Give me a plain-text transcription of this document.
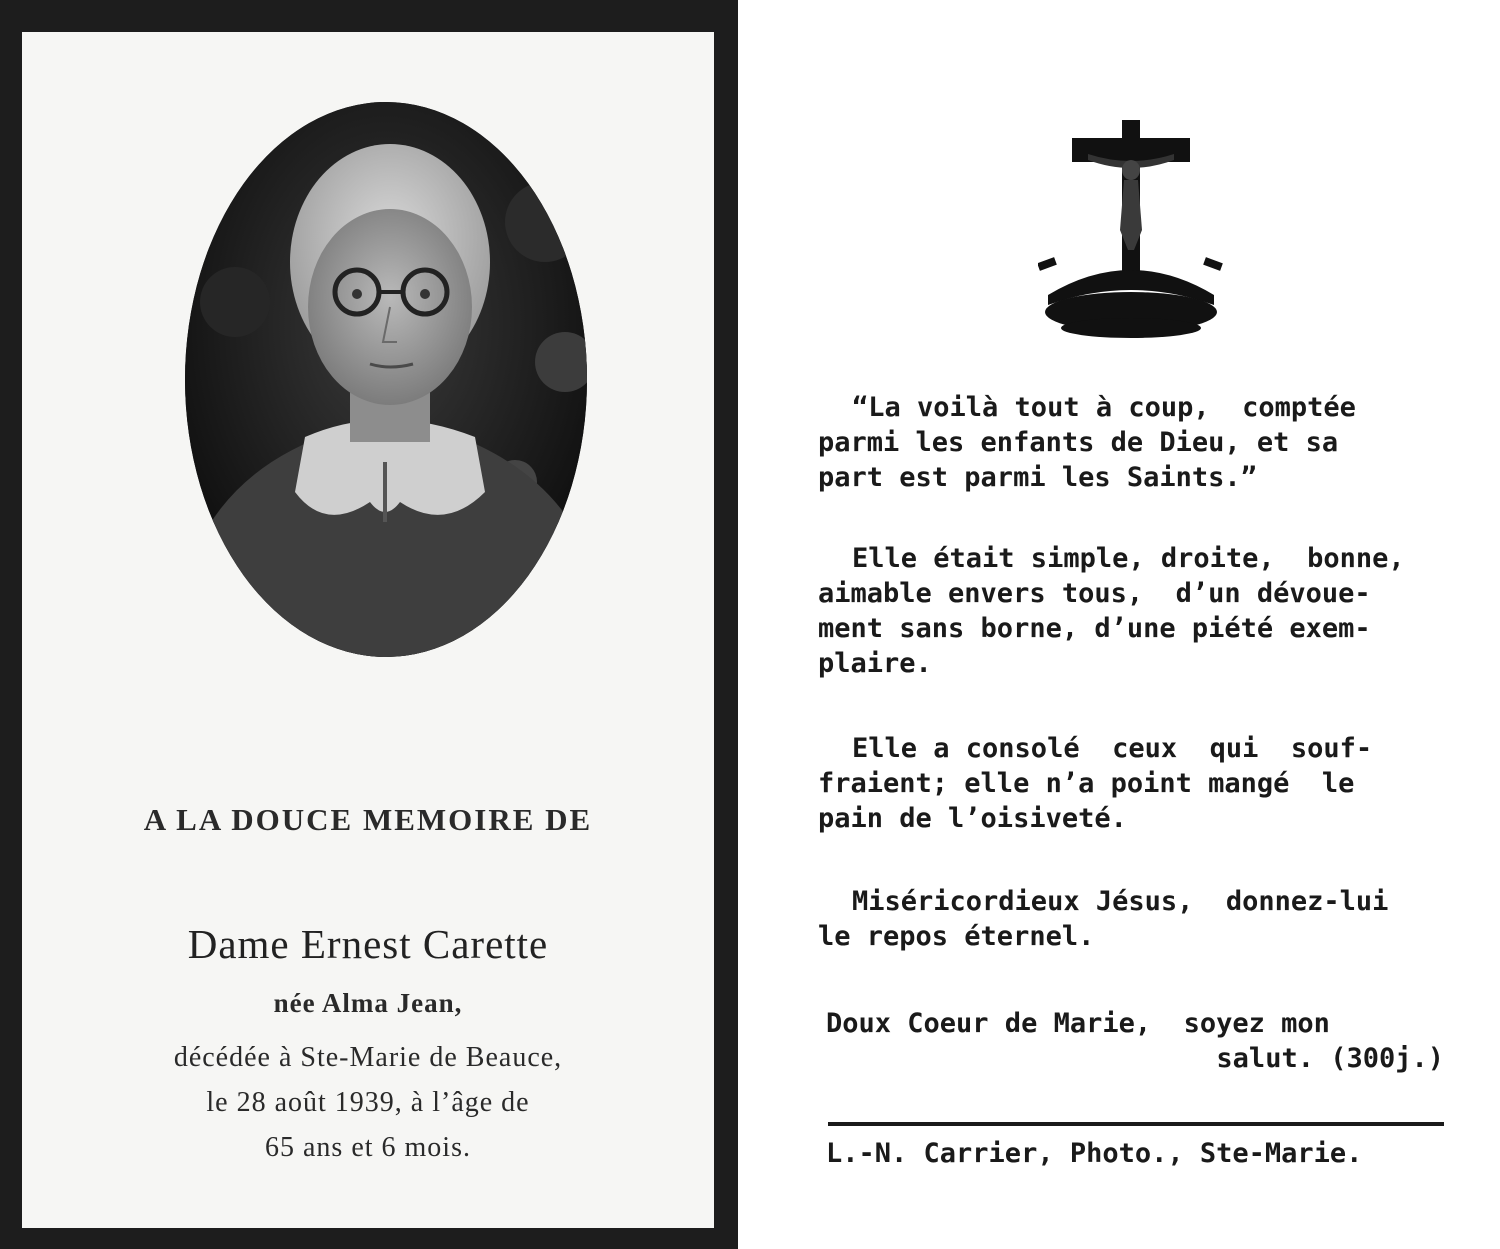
A LA DOUCE MEMOIRE DE
Dame Ernest Carette
née Alma Jean,
décédée à Ste-Marie de Beauce,
le 28 août 1939, à l’âge de
65 ans et 6 mois.
“La voilà tout à coup,  comptée
parmi les enfants de Dieu, et sa
part est parmi les Saints.”
Elle était simple, droite,  bonne,
aimable envers tous,  d’un dévoue-
ment sans borne, d’une piété exem-
plaire.
Elle a consolé  ceux  qui  souf-
fraient; elle n’a point mangé  le
pain de l’oisiveté.
Miséricordieux Jésus,  donnez-lui
le repos éternel.
Doux Coeur de Marie,  soyez mon
salut. (300j.)
L.-N. Carrier, Photo., Ste-Marie.
